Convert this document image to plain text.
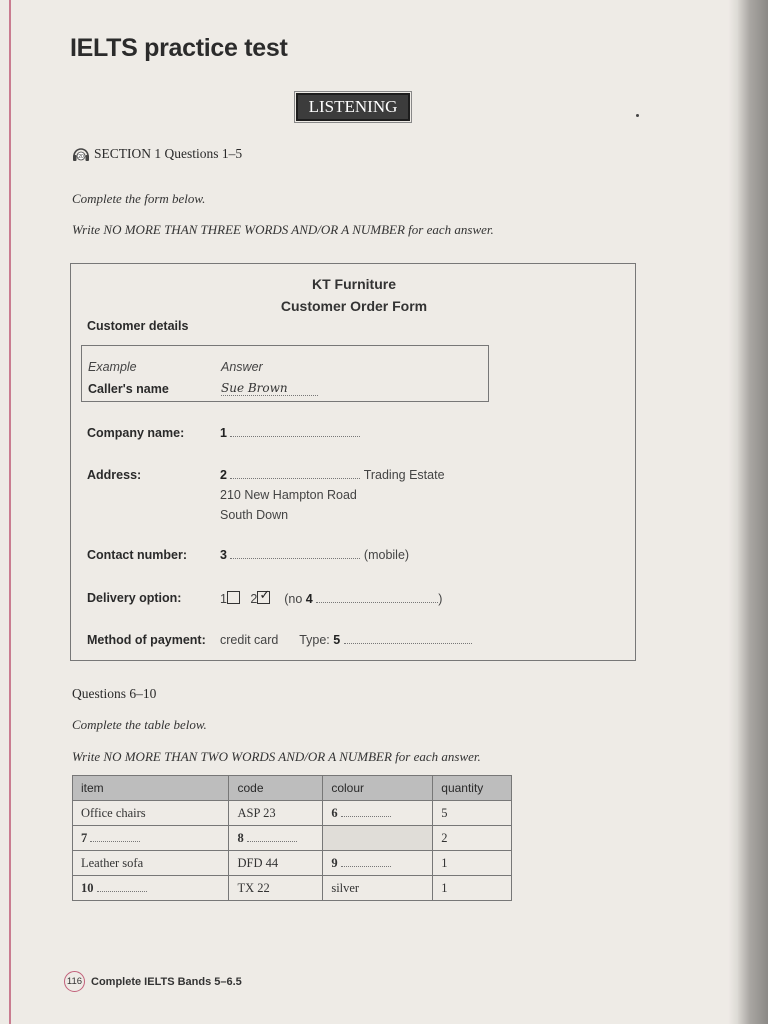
IELTS practice test
LISTENING
20 SECTION 1 Questions 1–5
Complete the form below.
Write NO MORE THAN THREE WORDS AND/OR A NUMBER for each answer.
KT Furniture
Customer Order Form
Customer details
Example	Answer
Caller's name	Sue Brown
Company name:	1
Address:	2	Trading Estate
210 New Hampton Road
South Down
Contact number:	3	(mobile)
Delivery option:	1 2 ✓ (no 4	)
Method of payment: credit card Type: 5
Questions 6–10
Complete the table below.
Write NO MORE THAN TWO WORDS AND/OR A NUMBER for each answer.
item	code	colour	quantity
Office chairs	ASP 23	6	5
7	8		2
Leather sofa	DFD 44	9	1
10	TX 22	silver	1
116 Complete IELTS Bands 5–6.5
